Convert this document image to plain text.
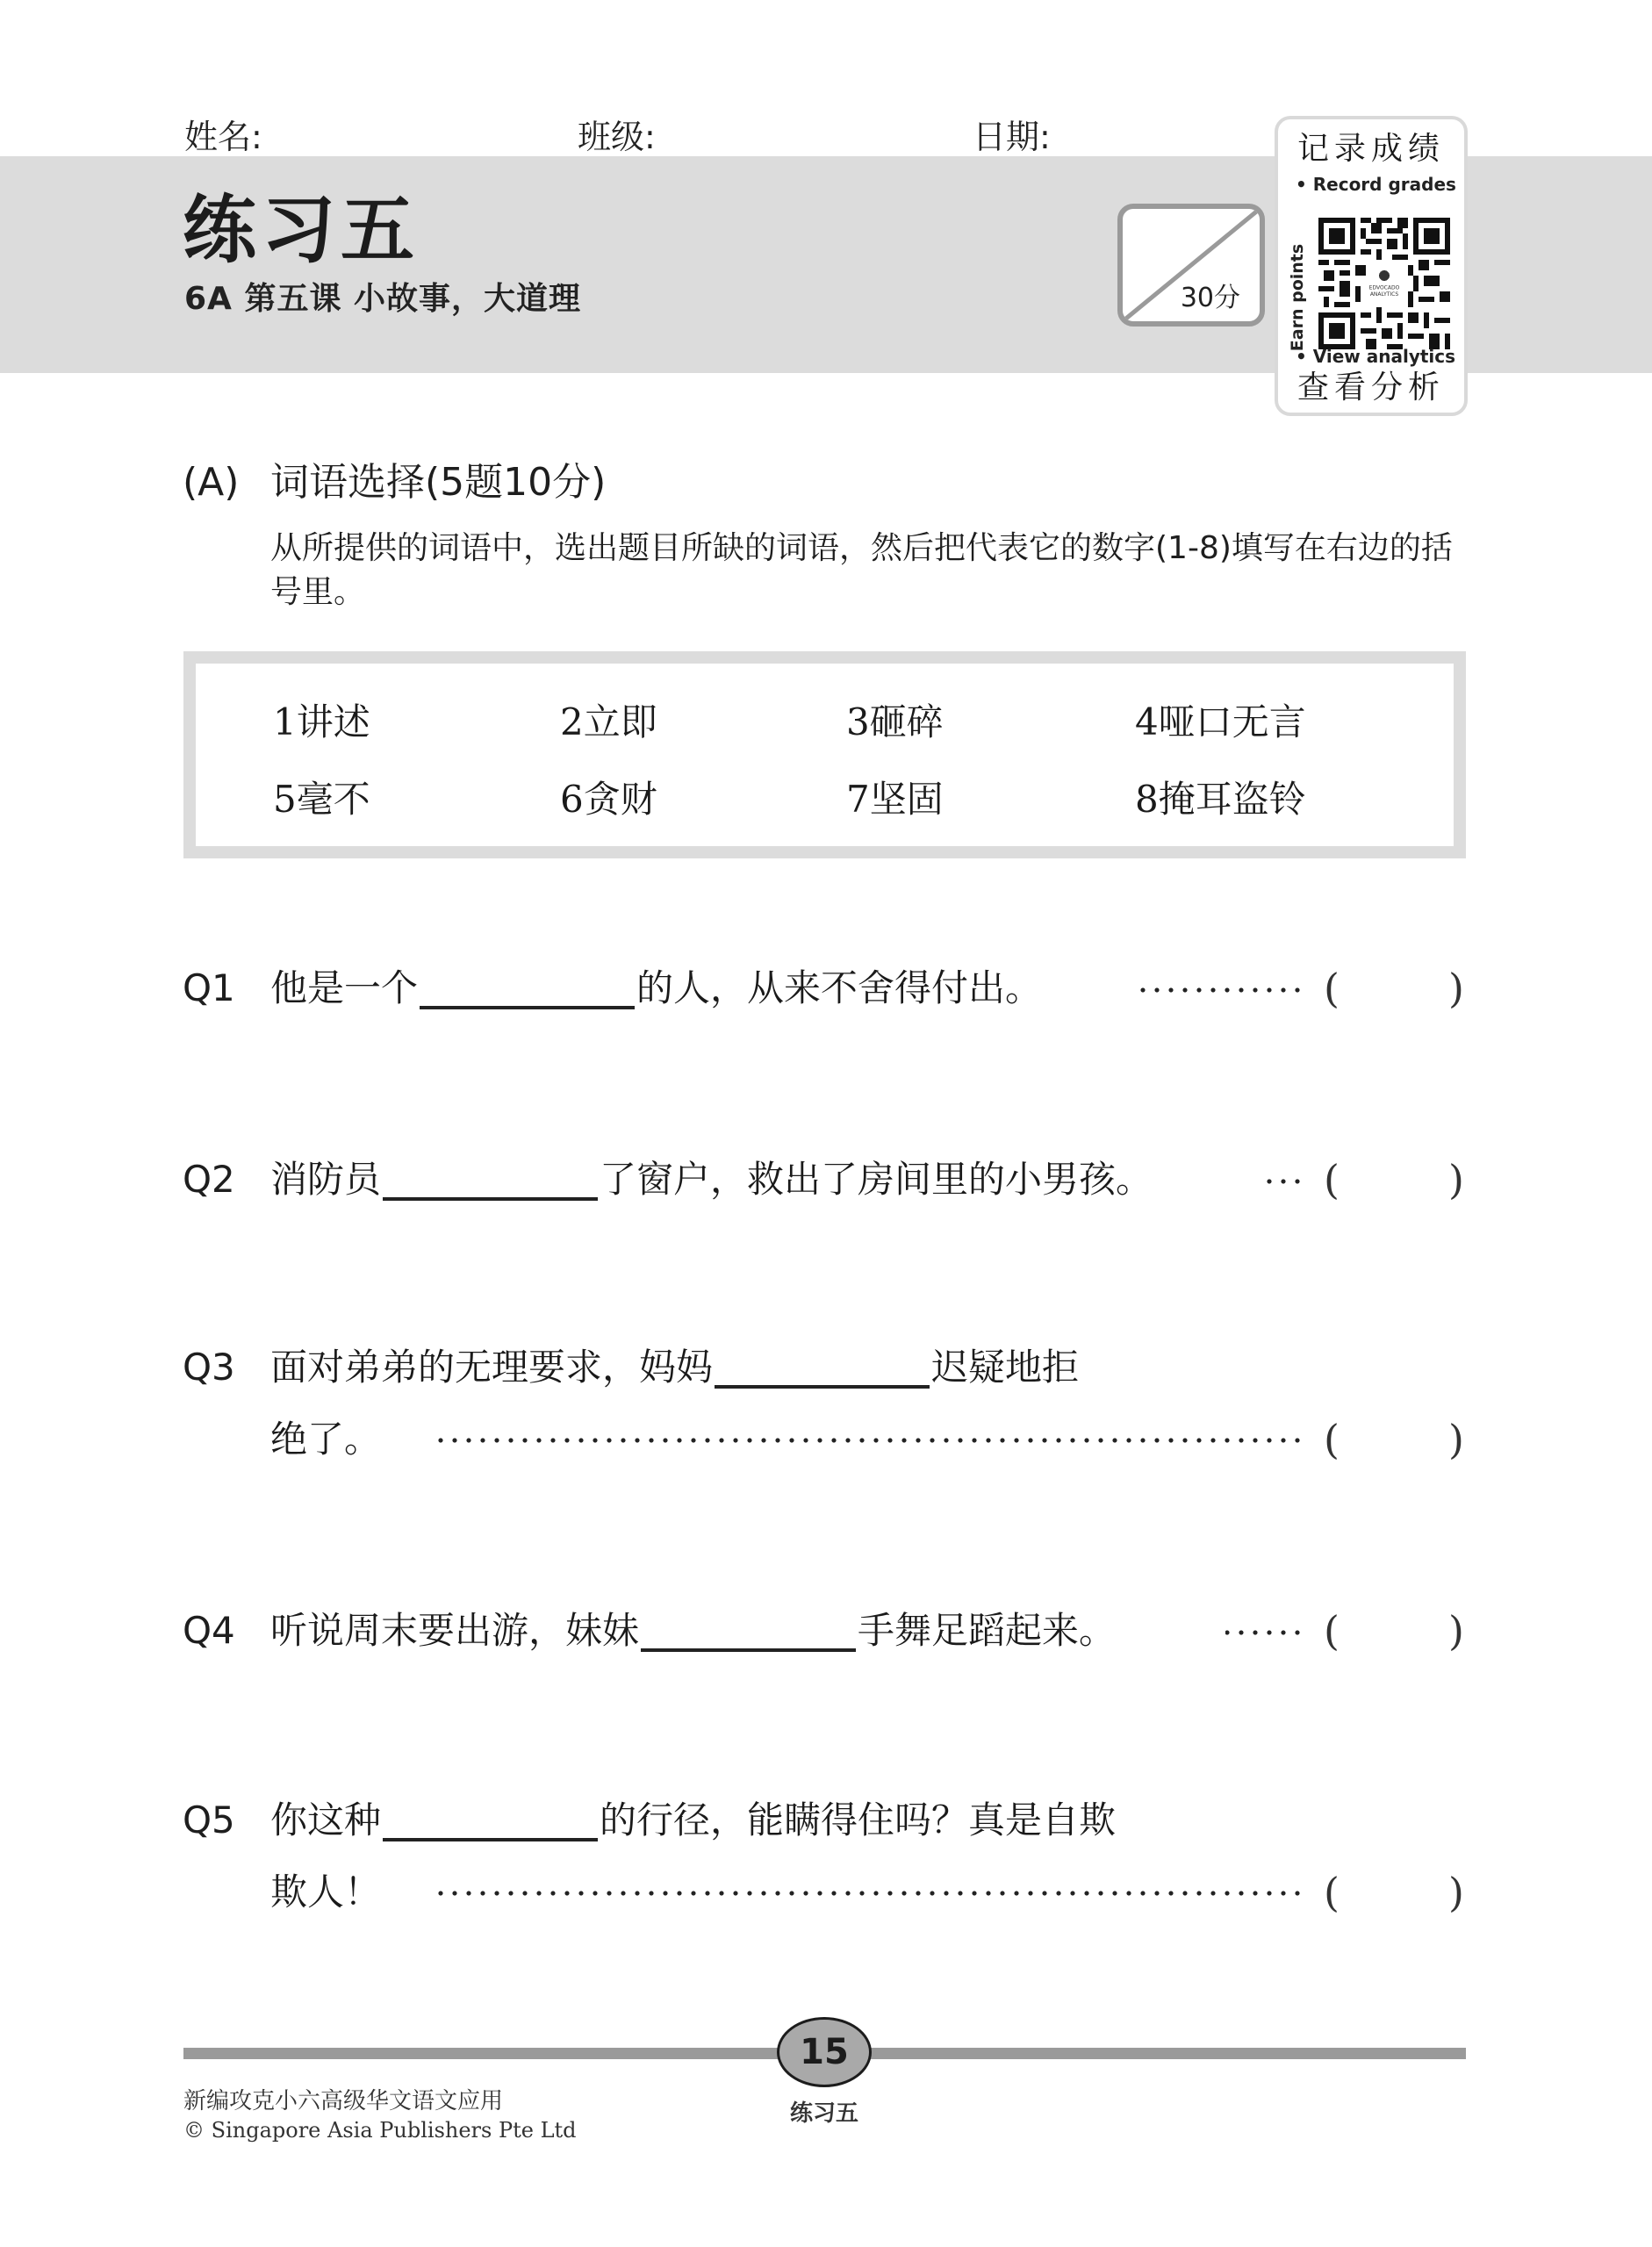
姓名:	班级:	日期:
练习五
6A 第五课 小故事，大道理	30分
记录成绩
• Record grades
Earn points	EDVOCADO
ANALYTICS
• View analytics
查看分析
(A) 词语选择(5题10分)
从所提供的词语中，选出题目所缺的词语，然后把代表它的数字(1-8)填写在右边的括号里。
1讲述	2立即	3砸碎	4哑口无言
5毫不	6贪财	7坚固	8掩耳盗铃
Q1 他是一个	的人，从来不舍得付出。	(	)
Q2 消防员	了窗户，救出了房间里的小男孩。	(	)
Q3 面对弟弟的无理要求，妈妈	迟疑地拒
绝了。	(	)
Q4 听说周末要出游，妹妹	手舞足蹈起来。	(	)
Q5 你这种	的行径，能瞒得住吗？真是自欺
欺人！	(	)
15
新编攻克小六高级华文语文应用
© Singapore Asia Publishers Pte Ltd
练习五
